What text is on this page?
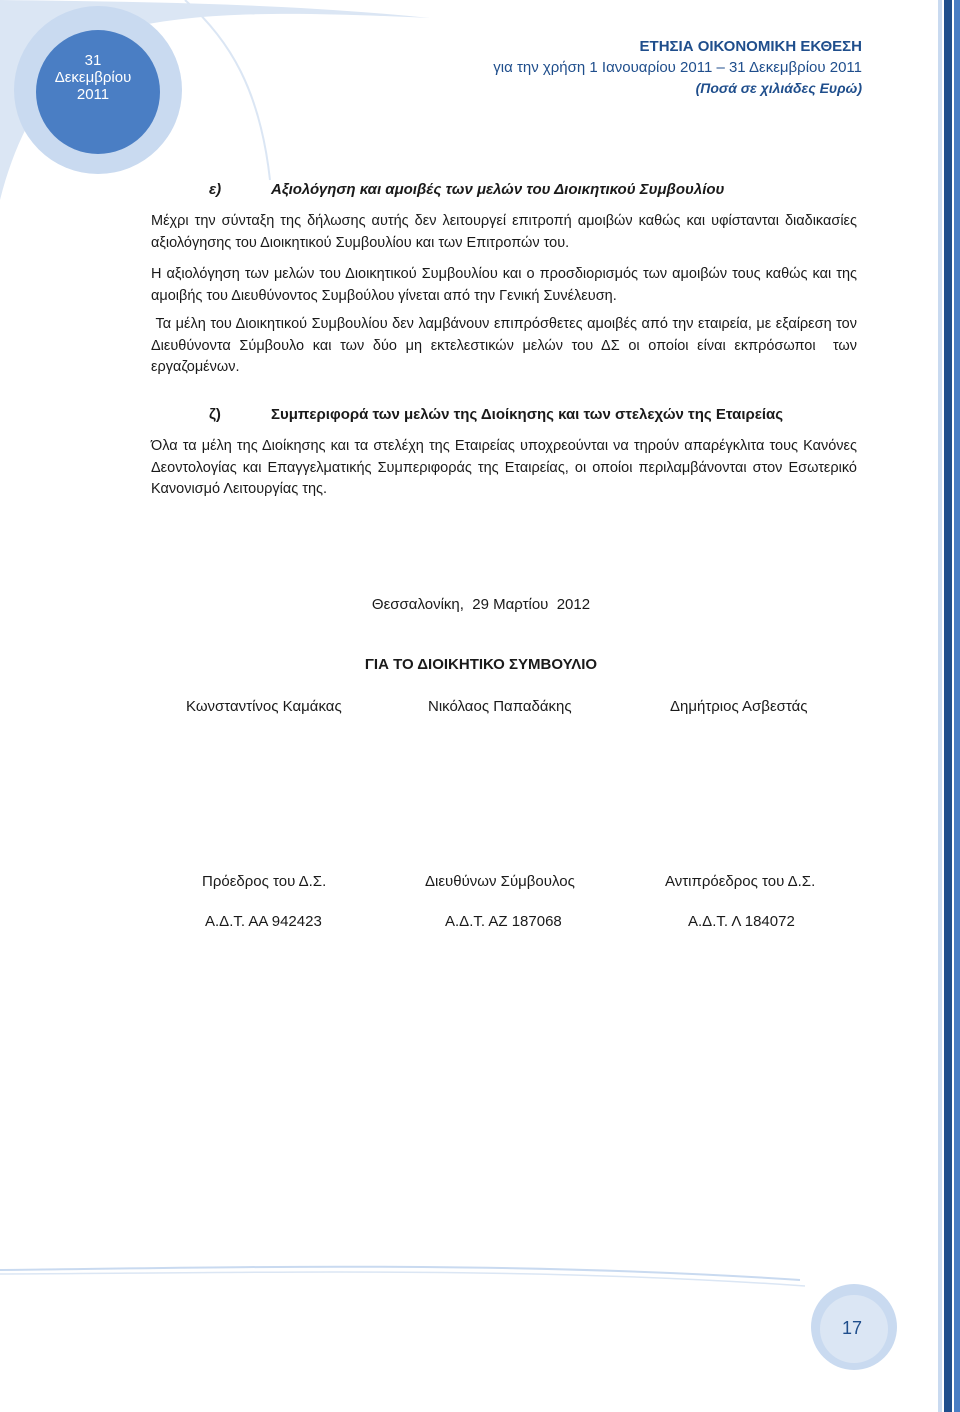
31
Δεκεμβρίου
2011
ΕΤΗΣΙΑ ΟΙΚΟΝΟΜΙΚΗ ΕΚΘΕΣΗ
για την χρήση 1 Ιανουαρίου 2011 – 31 Δεκεμβρίου 2011
(Ποσά σε χιλιάδες Ευρώ)
ε)	Αξιολόγηση και αμοιβές των μελών του Διοικητικού Συμβουλίου
Μέχρι την σύνταξη της δήλωσης αυτής δεν λειτουργεί επιτροπή αμοιβών καθώς και υφίστανται διαδικασίες αξιολόγησης του Διοικητικού Συμβουλίου και των Επιτροπών του.
Η αξιολόγηση των μελών του Διοικητικού Συμβουλίου και ο προσδιορισμός των αμοιβών τους καθώς και της αμοιβής του Διευθύνοντος Συμβούλου γίνεται από την Γενική Συνέλευση.
Τα μέλη του Διοικητικού Συμβουλίου δεν λαμβάνουν επιπρόσθετες αμοιβές από την εταιρεία, με εξαίρεση τον Διευθύνοντα Σύμβουλο και των δύο μη εκτελεστικών μελών του ΔΣ οι οποίοι είναι εκπρόσωποι  των εργαζομένων.
ζ)	Συμπεριφορά των μελών της Διοίκησης και των στελεχών της Εταιρείας
Όλα τα μέλη της Διοίκησης και τα στελέχη της Εταιρείας υποχρεούνται να τηρούν απαρέγκλιτα τους Κανόνες Δεοντολογίας και Επαγγελματικής Συμπεριφοράς της Εταιρείας, οι οποίοι περιλαμβάνονται στον Εσωτερικό Κανονισμό Λειτουργίας της.
Θεσσαλονίκη,  29 Μαρτίου  2012
ΓΙΑ ΤΟ ΔΙΟΙΚΗΤΙΚΟ ΣΥΜΒΟΥΛΙΟ
Κωνσταντίνος Καμάκας	Νικόλαος Παπαδάκης	Δημήτριος Ασβεστάς
Πρόεδρος του Δ.Σ.	Διευθύνων Σύμβουλος	Αντιπρόεδρος του Δ.Σ.
Α.Δ.Τ. ΑΑ 942423	Α.Δ.Τ. ΑΖ 187068	Α.Δ.Τ. Λ 184072
17
